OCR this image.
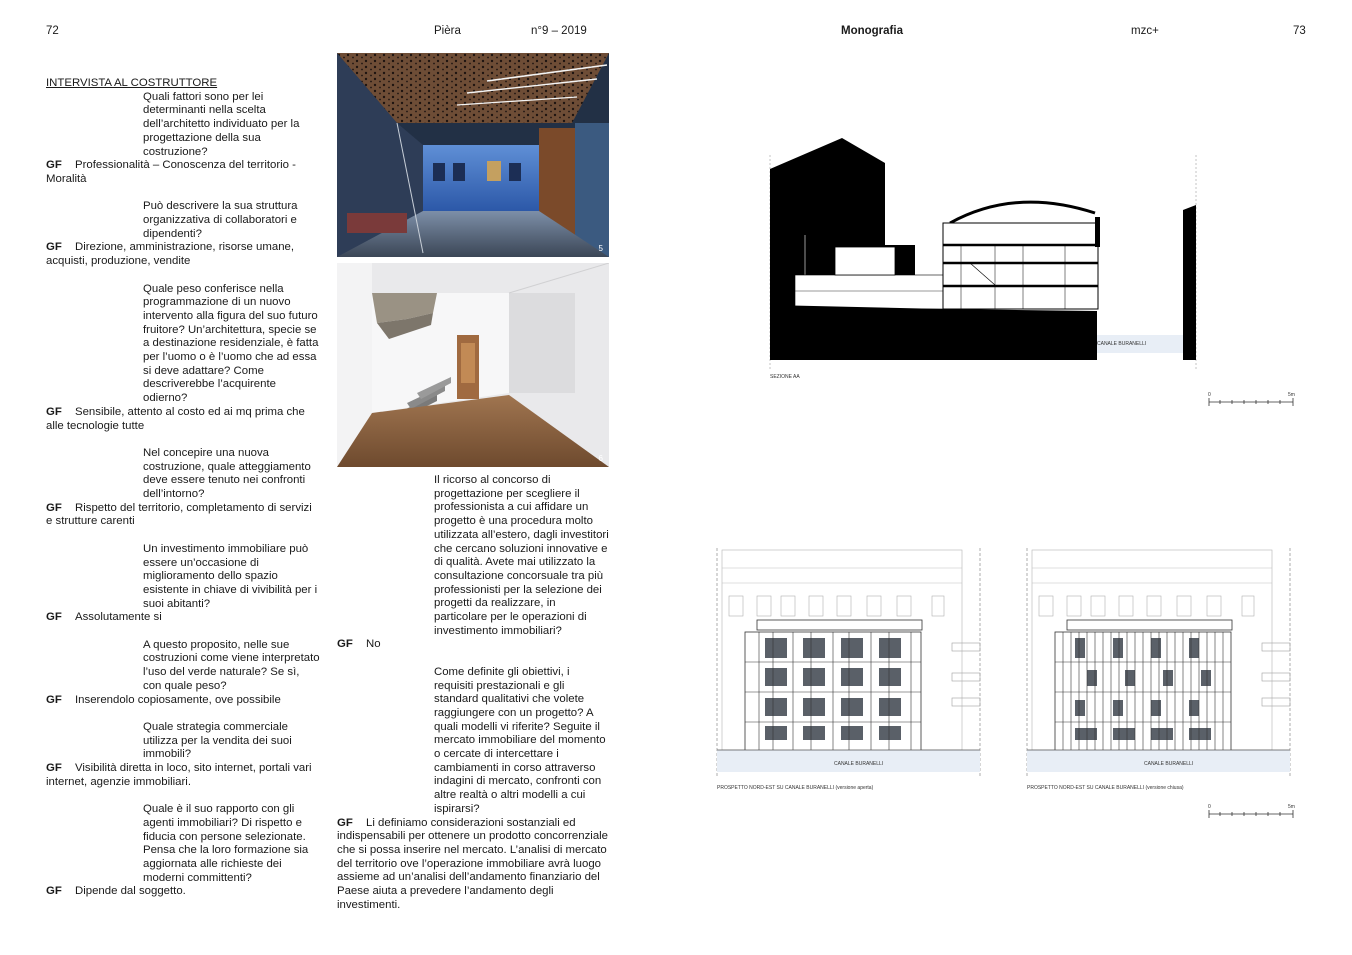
72	Pièra	n°9 – 2019	Monografia	mzc+	73
INTERVISTA AL COSTRUTTORE
Quali fattori sono per lei determinanti nella scelta dell’architetto individuato per la progettazione della sua costruzione?
GF Professionalità – Conoscenza del territorio - Moralità
Può descrivere la sua struttura organizzativa di collaboratori e dipendenti?
GF Direzione, amministrazione, risorse umane, acquisti, produzione, vendite
Quale peso conferisce nella programmazione di un nuovo intervento alla figura del suo futuro fruitore? Un’architettura, specie se a destinazione residenziale, è fatta per l’uomo o è l’uomo che ad essa si deve adattare? Come descriverebbe l’acquirente odierno?
GF Sensibile, attento al costo ed ai mq prima che alle tecnologie tutte
Nel concepire una nuova costruzione, quale atteggiamento deve essere tenuto nei confronti dell’intorno?
GF Rispetto del territorio, completamento di servizi e strutture carenti
Un investimento immobiliare può essere un’occasione di miglioramento dello spazio esistente in chiave di vivibilità per i suoi abitanti?
GF Assolutamente si
A questo proposito, nelle sue costruzioni come viene interpretato l’uso del verde naturale? Se sì, con quale peso?
GF Inserendolo copiosamente, ove possibile
Quale strategia commerciale utilizza per la vendita dei suoi immobili?
GF Visibilità diretta in loco, sito internet, portali vari internet, agenzie immobiliari.
Quale è il suo rapporto con gli agenti immobiliari? Di rispetto e fiducia con persone selezionate. Pensa che la loro formazione sia aggiornata alle richieste dei moderni committenti?
GF Dipende dal soggetto.
Il ricorso al concorso di progettazione per scegliere il professionista a cui affidare un progetto è una procedura molto utilizzata all’estero, dagli investitori che cercano soluzioni innovative e di qualità. Avete mai utilizzato la consultazione concorsuale tra più professionisti per la selezione dei progetti da realizzare, in particolare per le operazioni di investimento immobiliari?
GF No
Come definite gli obiettivi, i requisiti prestazionali e gli standard qualitativi che volete raggiungere con un progetto? A quali modelli vi riferite? Seguite il mercato immobiliare del momento o cercate di intercettare i cambiamenti in corso attraverso indagini di mercato, confronti con altre realtà o altri modelli a cui ispirarsi?
GF Li definiamo considerazioni sostanziali ed indispensabili per ottenere un prodotto concorrenziale che si possa inserire nel mercato. L’analisi di mercato del territorio ove l’operazione immobiliare avrà luogo assieme ad un’analisi dell’andamento finanziario del Paese aiuta a prevedere l’andamento degli investimenti.
5
6
CANALE BURANELLI
SEZIONE AA
0	5m
CANALE BURANELLI
PROSPETTO NORD-EST SU CANALE BURANELLI (versione aperta)
CANALE BURANELLI
PROSPETTO NORD-EST SU CANALE BURANELLI (versione chiusa)
0	5m
